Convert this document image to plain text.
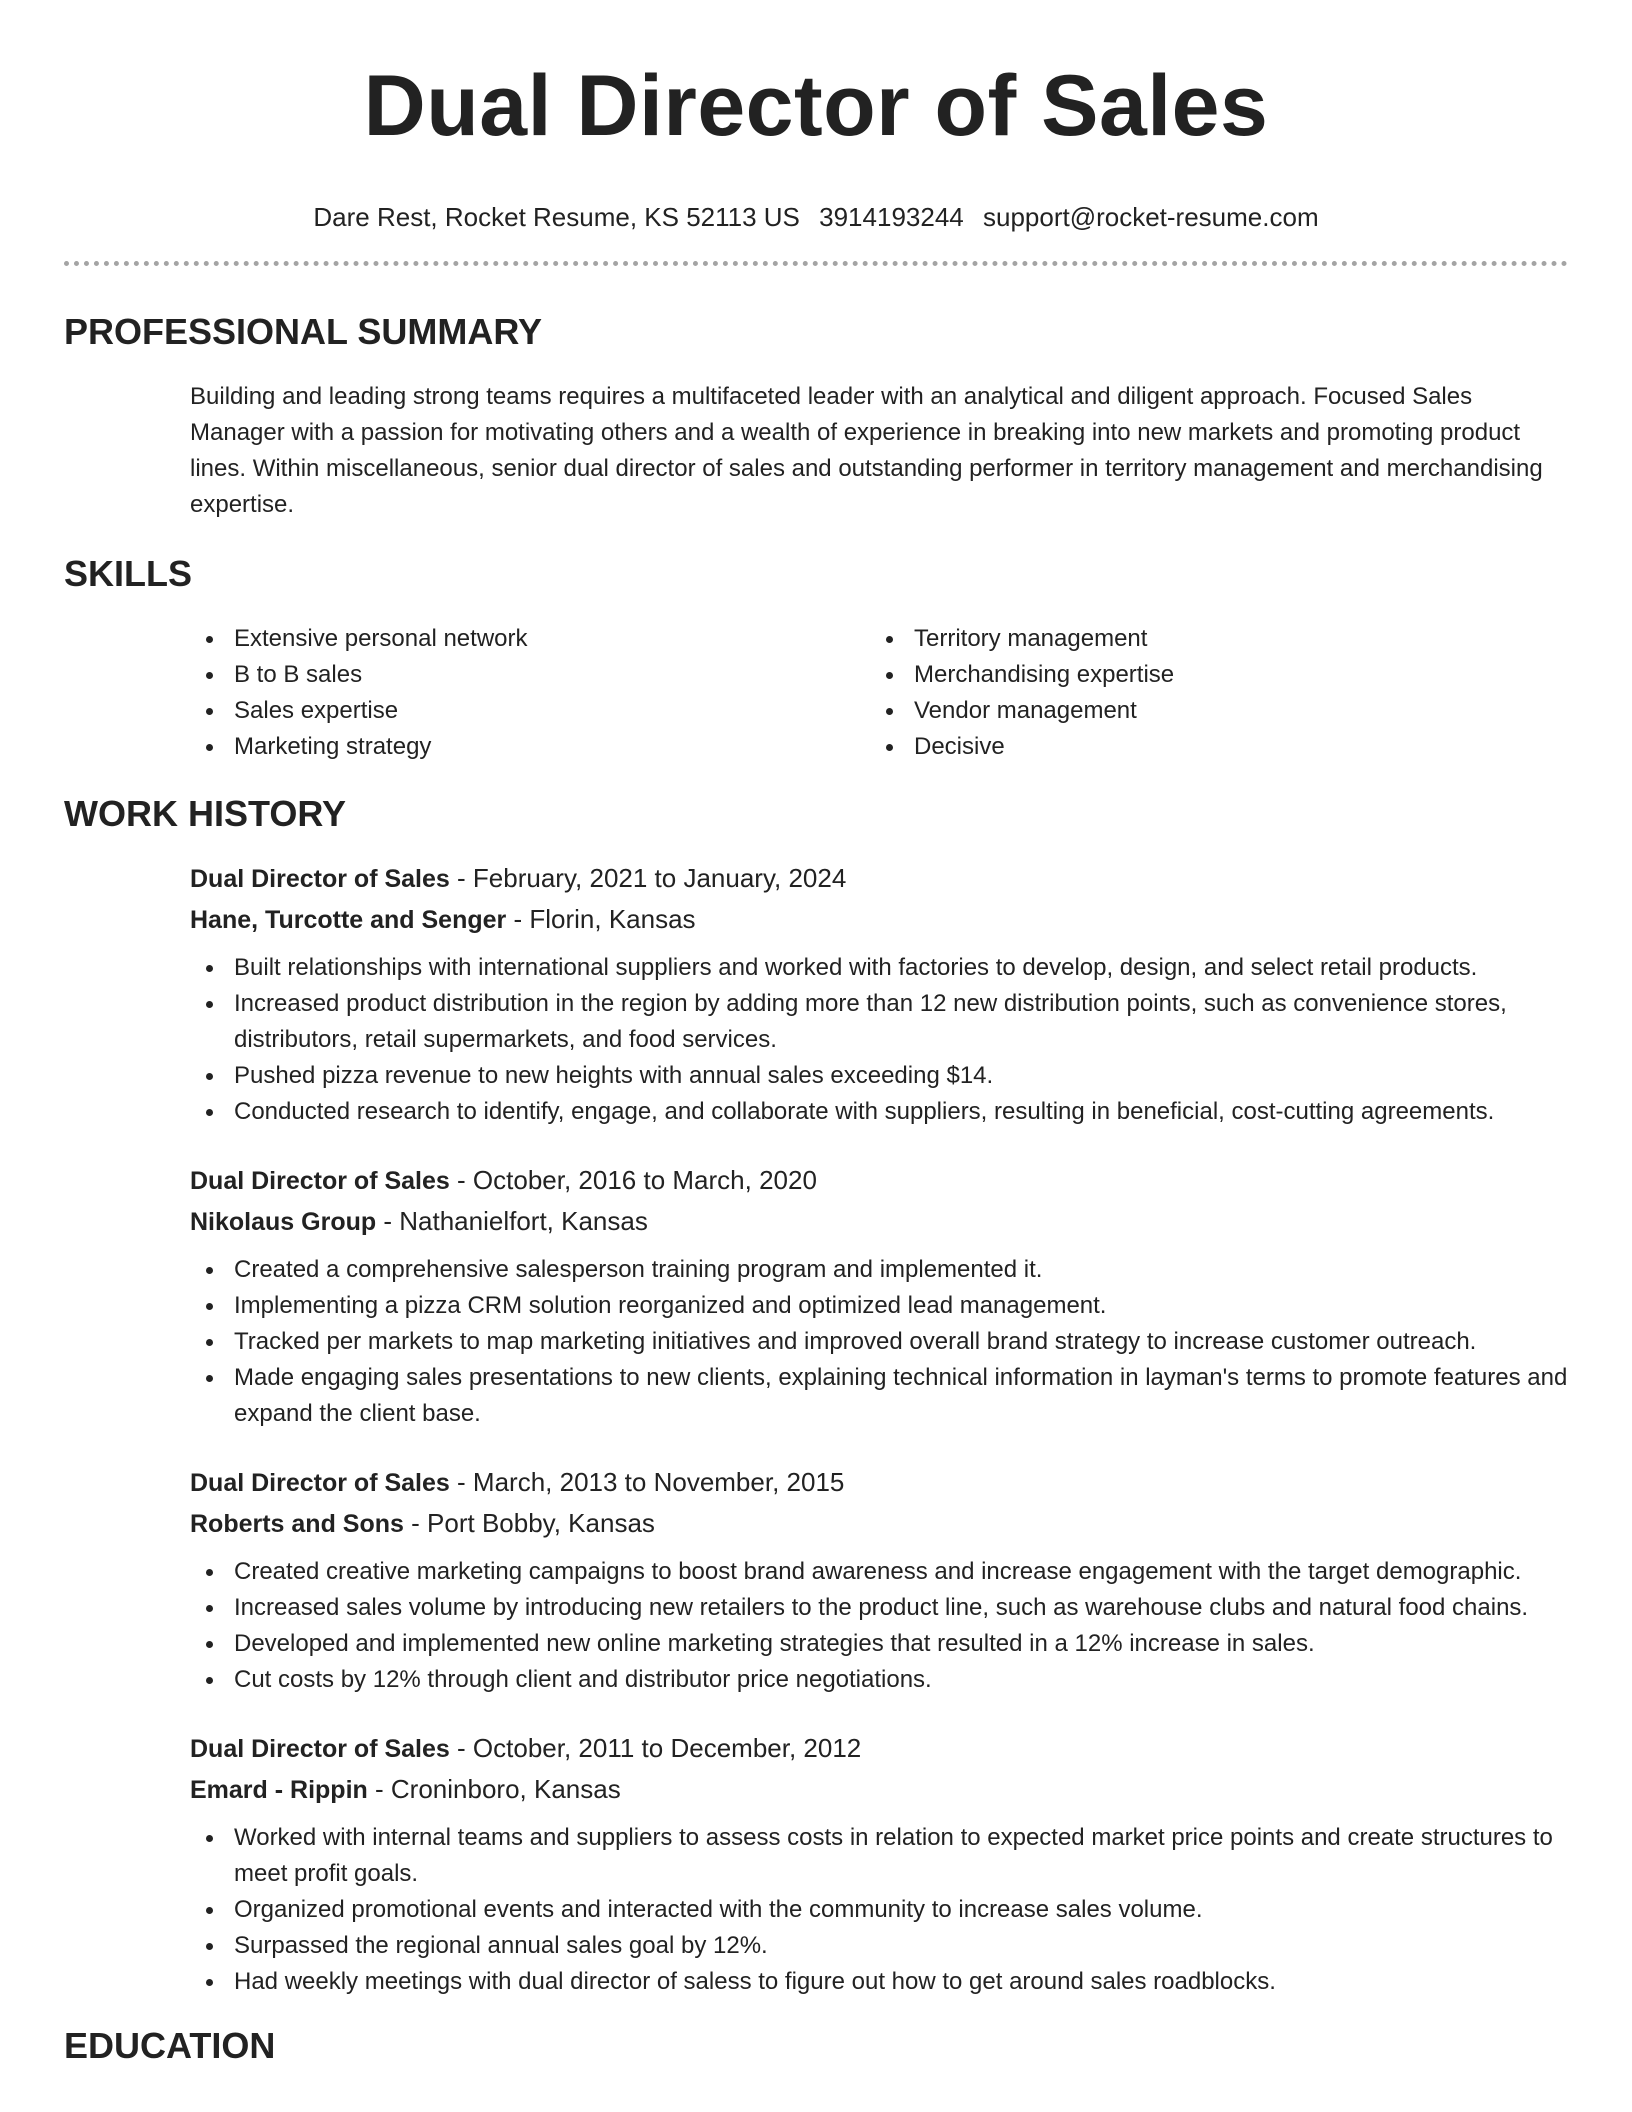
Dual Director of Sales
Dare Rest, Rocket Resume, KS 52113 US 3914193244 support@rocket-resume.com
PROFESSIONAL SUMMARY

Building and leading strong teams requires a multifaceted leader with an analytical and diligent approach. Focused Sales Manager with a passion for motivating others and a wealth of experience in breaking into new markets and promoting product lines. Within miscellaneous, senior dual director of sales and outstanding performer in territory management and merchandising expertise.

SKILLS
Extensive personal network
B to B sales
Sales expertise
Marketing strategy
Territory management
Merchandising expertise
Vendor management
Decisive
WORK HISTORY
Dual Director of Sales - February, 2021 to January, 2024
Hane, Turcotte and Senger - Florin, Kansas
Built relationships with international suppliers and worked with factories to develop, design, and select retail products.
Increased product distribution in the region by adding more than 12 new distribution points, such as convenience stores, distributors, retail supermarkets, and food services.
Pushed pizza revenue to new heights with annual sales exceeding $14.
Conducted research to identify, engage, and collaborate with suppliers, resulting in beneficial, cost-cutting agreements.
Dual Director of Sales - October, 2016 to March, 2020
Nikolaus Group - Nathanielfort, Kansas
Created a comprehensive salesperson training program and implemented it.
Implementing a pizza CRM solution reorganized and optimized lead management.
Tracked per markets to map marketing initiatives and improved overall brand strategy to increase customer outreach.
Made engaging sales presentations to new clients, explaining technical information in layman's terms to promote features and expand the client base.
Dual Director of Sales - March, 2013 to November, 2015
Roberts and Sons - Port Bobby, Kansas
Created creative marketing campaigns to boost brand awareness and increase engagement with the target demographic.
Increased sales volume by introducing new retailers to the product line, such as warehouse clubs and natural food chains.
Developed and implemented new online marketing strategies that resulted in a 12% increase in sales.
Cut costs by 12% through client and distributor price negotiations.
Dual Director of Sales - October, 2011 to December, 2012
Emard - Rippin - Croninboro, Kansas
Worked with internal teams and suppliers to assess costs in relation to expected market price points and create structures to meet profit goals.
Organized promotional events and interacted with the community to increase sales volume.
Surpassed the regional annual sales goal by 12%.
Had weekly meetings with dual director of saless to figure out how to get around sales roadblocks.
EDUCATION
